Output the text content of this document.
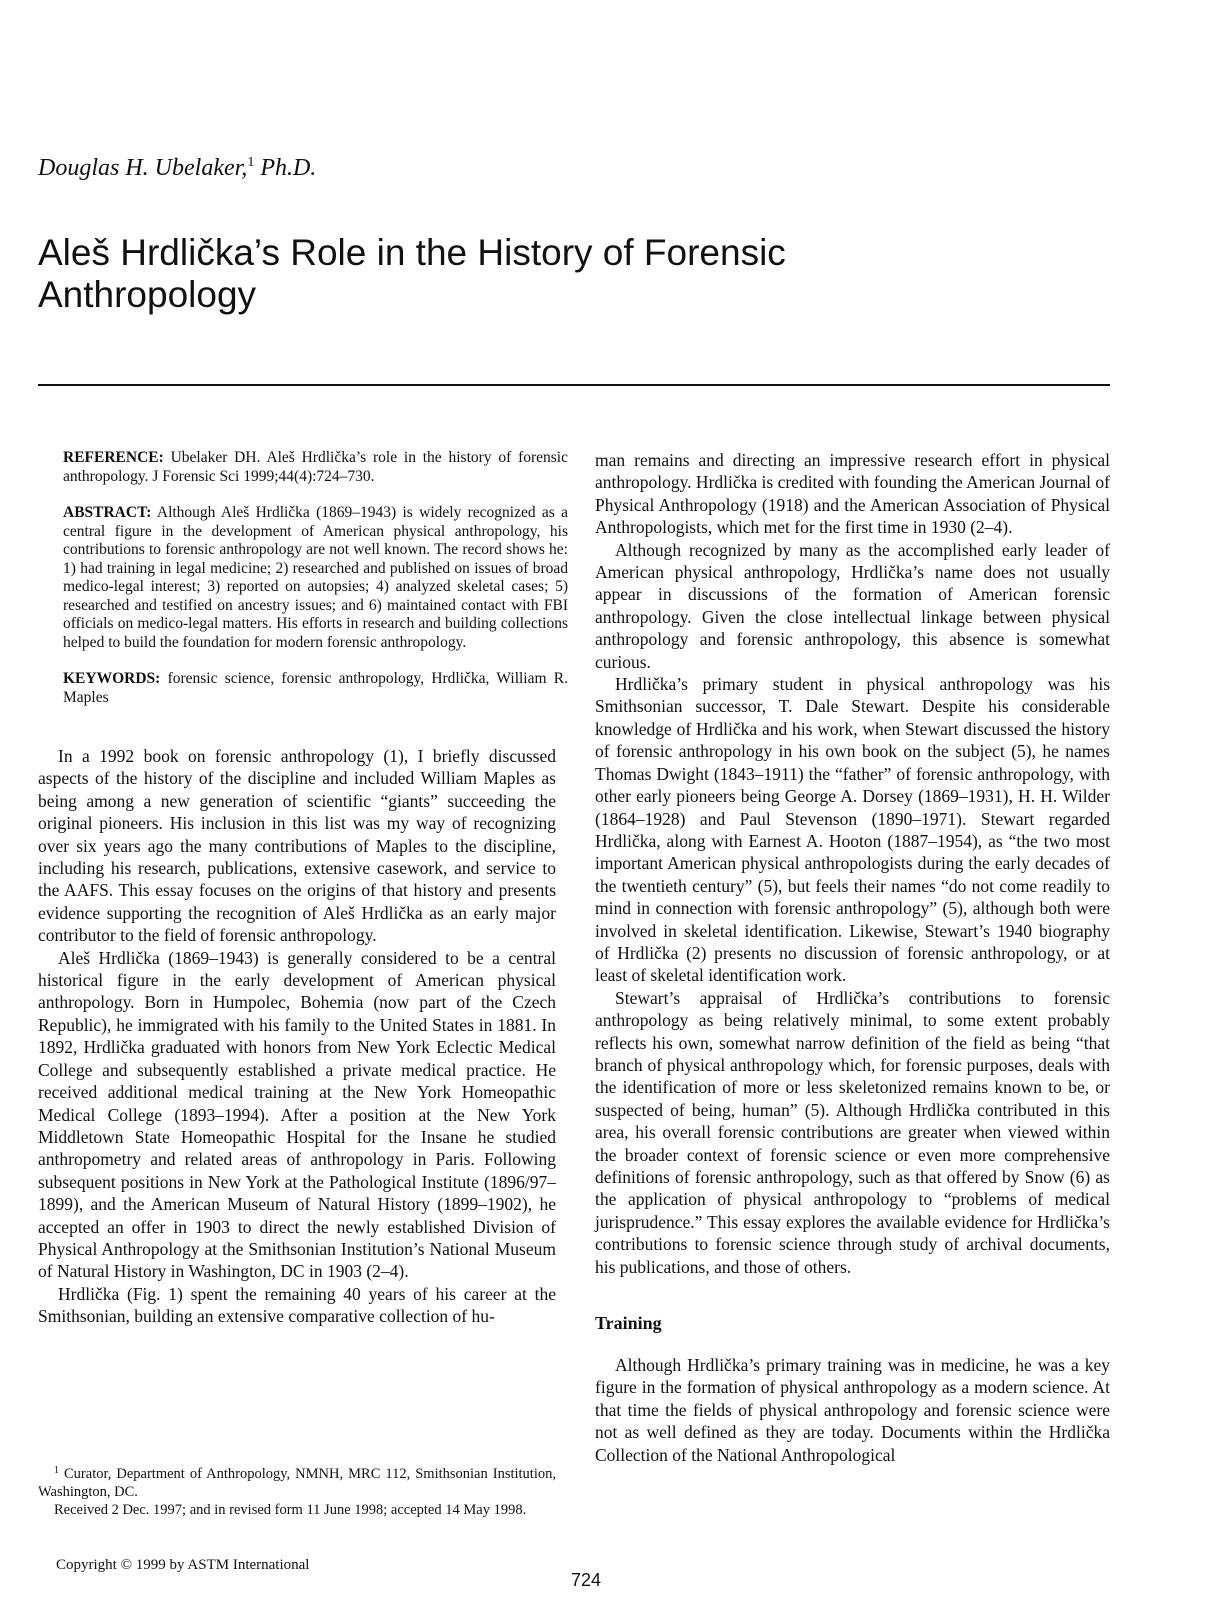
Douglas H. Ubelaker,$^1$ Ph.D.
Aleš Hrdlička’s Role in the History of Forensic Anthropology

REFERENCE: Ubelaker DH. Aleš Hrdlička’s role in the history of forensic anthropology. J Forensic Sci 1999;44(4):724–730.

ABSTRACT: Although Aleš Hrdlička (1869–1943) is widely recognized as a central figure in the development of American physical anthropology, his contributions to forensic anthropology are not well known. The record shows he: 1) had training in legal medicine; 2) researched and published on issues of broad medico-legal interest; 3) reported on autopsies; 4) analyzed skeletal cases; 5) researched and testified on ancestry issues; and 6) maintained contact with FBI officials on medico-legal matters. His efforts in research and building collections helped to build the foundation for modern forensic anthropology.

KEYWORDS: forensic science, forensic anthropology, Hrdlička, William R. Maples

In a 1992 book on forensic anthropology (1), I briefly discussed aspects of the history of the discipline and included William Maples as being among a new generation of scientific “giants” succeeding the original pioneers. His inclusion in this list was my way of recognizing over six years ago the many contributions of Maples to the discipline, including his research, publications, extensive casework, and service to the AAFS. This essay focuses on the origins of that history and presents evidence supporting the recognition of Aleš Hrdlička as an early major contributor to the field of forensic anthropology.

Aleš Hrdlička (1869–1943) is generally considered to be a central historical figure in the early development of American physical anthropology. Born in Humpolec, Bohemia (now part of the Czech Republic), he immigrated with his family to the United States in 1881. In 1892, Hrdlička graduated with honors from New York Eclectic Medical College and subsequently established a private medical practice. He received additional medical training at the New York Homeopathic Medical College (1893–1994). After a position at the New York Middletown State Homeopathic Hospital for the Insane he studied anthropometry and related areas of anthropology in Paris. Following subsequent positions in New York at the Pathological Institute (1896/97–1899), and the American Museum of Natural History (1899–1902), he accepted an offer in 1903 to direct the newly established Division of Physical Anthropology at the Smithsonian Institution’s National Museum of Natural History in Washington, DC in 1903 (2–4).

Hrdlička (Fig. 1) spent the remaining 40 years of his career at the Smithsonian, building an extensive comparative collection of hu-

man remains and directing an impressive research effort in physical anthropology. Hrdlička is credited with founding the American Journal of Physical Anthropology (1918) and the American Association of Physical Anthropologists, which met for the first time in 1930 (2–4).

Although recognized by many as the accomplished early leader of American physical anthropology, Hrdlička’s name does not usually appear in discussions of the formation of American forensic anthropology. Given the close intellectual linkage between physical anthropology and forensic anthropology, this absence is somewhat curious.

Hrdlička’s primary student in physical anthropology was his Smithsonian successor, T. Dale Stewart. Despite his considerable knowledge of Hrdlička and his work, when Stewart discussed the history of forensic anthropology in his own book on the subject (5), he names Thomas Dwight (1843–1911) the “father” of forensic anthropology, with other early pioneers being George A. Dorsey (1869–1931), H. H. Wilder (1864–1928) and Paul Stevenson (1890–1971). Stewart regarded Hrdlička, along with Earnest A. Hooton (1887–1954), as “the two most important American physical anthropologists during the early decades of the twentieth century” (5), but feels their names “do not come readily to mind in connection with forensic anthropology” (5), although both were involved in skeletal identification. Likewise, Stewart’s 1940 biography of Hrdlička (2) presents no discussion of forensic anthropology, or at least of skeletal identification work.

Stewart’s appraisal of Hrdlička’s contributions to forensic anthropology as being relatively minimal, to some extent probably reflects his own, somewhat narrow definition of the field as being “that branch of physical anthropology which, for forensic purposes, deals with the identification of more or less skeletonized remains known to be, or suspected of being, human” (5). Although Hrdlička contributed in this area, his overall forensic contributions are greater when viewed within the broader context of forensic science or even more comprehensive definitions of forensic anthropology, such as that offered by Snow (6) as the application of physical anthropology to “problems of medical jurisprudence.” This essay explores the available evidence for Hrdlička’s contributions to forensic science through study of archival documents, his publications, and those of others.

Training

Although Hrdlička’s primary training was in medicine, he was a key figure in the formation of physical anthropology as a modern science. At that time the fields of physical anthropology and forensic science were not as well defined as they are today. Documents within the Hrdlička Collection of the National Anthropological

$^1$ Curator, Department of Anthropology, NMNH, MRC 112, Smithsonian Institution, Washington, DC.

Received 2 Dec. 1997; and in revised form 11 June 1998; accepted 14 May 1998.

Copyright © 1999 by ASTM International
724
